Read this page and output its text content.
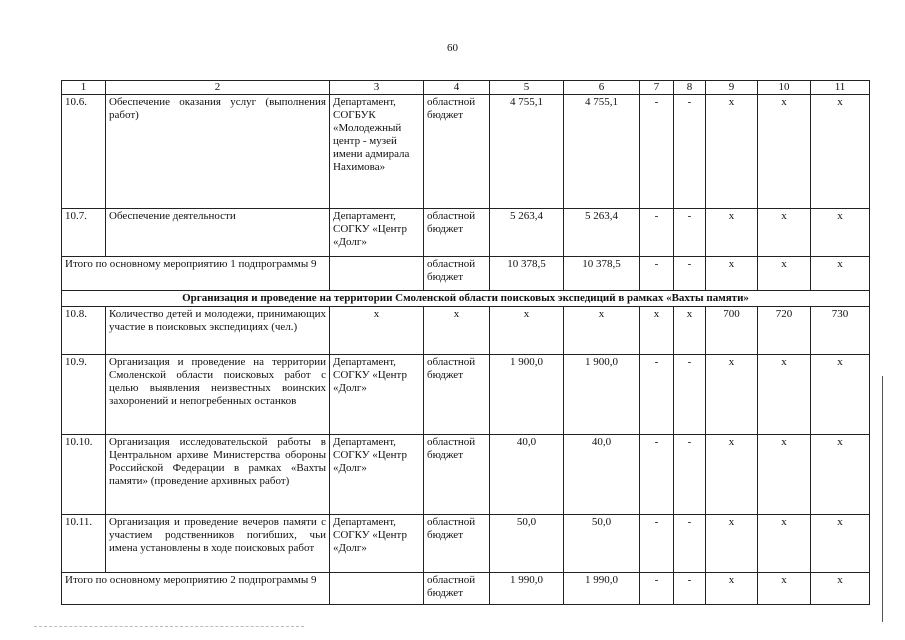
60
1	2	3	4	5	6	7	8	9	10	11
10.6.	Обеспечение оказания услуг (выполнения работ)	Департамент, СОГБУК «Молодежный центр - музей имени адмирала Нахимова»	областной бюджет	4 755,1	4 755,1	-	-	х	х	х
10.7.	Обеспечение деятельности	Департамент, СОГКУ «Центр «Долг»	областной бюджет	5 263,4	5 263,4	-	-	х	х	х
Итого по основному мероприятию 1 подпрограммы 9			областной бюджет	10 378,5	10 378,5	-	-	х	х	х
Организация и проведение на территории Смоленской области поисковых экспедиций в рамках «Вахты памяти»										
10.8.	Количество детей и молодежи, принимающих участие в поисковых экспедициях (чел.)	х	х	х	х	х	х	700	720	730
10.9.	Организация и проведение на территории Смоленской области поисковых работ с целью выявления неизвестных воинских захоронений и непогребенных останков	Департамент, СОГКУ «Центр «Долг»	областной бюджет	1 900,0	1 900,0	-	-	х	х	х
10.10.	Организация исследовательской работы в Центральном архиве Министерства обороны Российской Федерации в рамках «Вахты памяти» (проведение архивных работ)	Департамент, СОГКУ «Центр «Долг»	областной бюджет	40,0	40,0	-	-	х	х	х
10.11.	Организация и проведение вечеров памяти с участием родственников погибших, чьи имена установлены в ходе поисковых работ	Департамент, СОГКУ «Центр «Долг»	областной бюджет	50,0	50,0	-	-	х	х	х
Итого по основному мероприятию 2 подпрограммы 9			областной бюджет	1 990,0	1 990,0	-	-	х	х	х
